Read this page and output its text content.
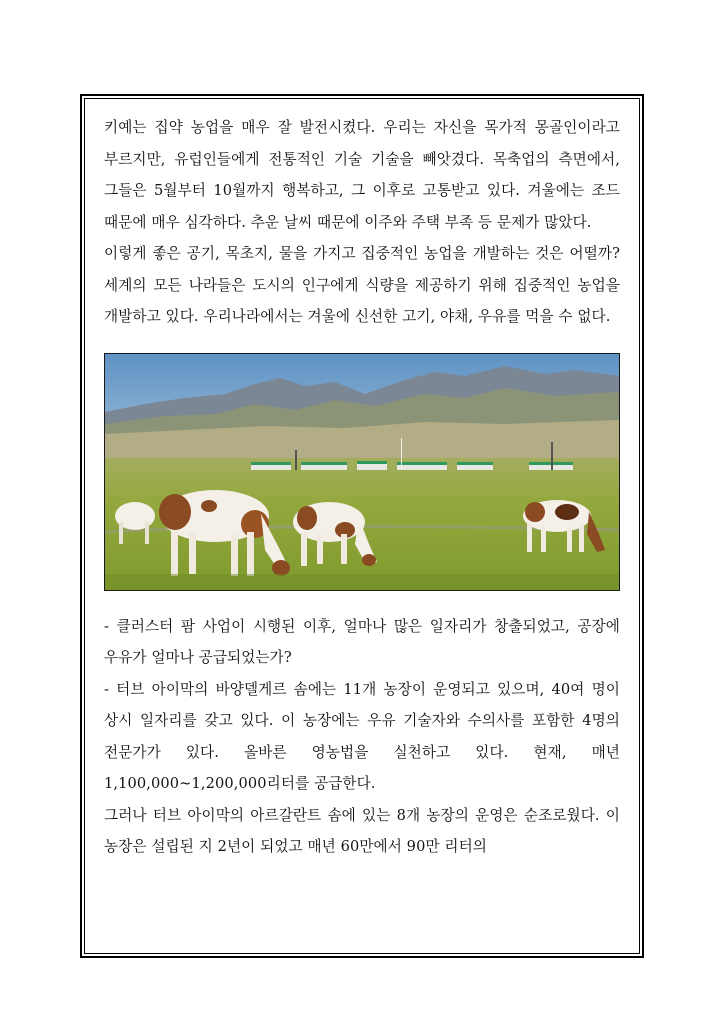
키예는 집약 농업을 매우 잘 발전시켰다. 우리는 자신을 목가적 몽골인이라고 부르지만, 유럽인들에게 전통적인 기술 기술을 빼앗겼다. 목축업의 측면에서, 그들은 5월부터 10월까지 행복하고, 그 이후로 고통받고 있다. 겨울에는 조드 때문에 매우 심각하다. 추운 날씨 때문에 이주와 주택 부족 등 문제가 많았다.

이렇게 좋은 공기, 목초지, 물을 가지고 집중적인 농업을 개발하는 것은 어떨까? 세계의 모든 나라들은 도시의 인구에게 식량을 제공하기 위해 집중적인 농업을 개발하고 있다. 우리나라에서는 겨울에 신선한 고기, 야채, 우유를 먹을 수 없다.

- 클러스터 팜 사업이 시행된 이후, 얼마나 많은 일자리가 창출되었고, 공장에 우유가 얼마나 공급되었는가?

- 터브 아이막의 바양델게르 솜에는 11개 농장이 운영되고 있으며, 40여 명이 상시 일자리를 갖고 있다. 이 농장에는 우유 기술자와 수의사를 포함한 4명의 전문가가 있다. 올바른 영농법을 실천하고 있다. 현재, 매년 1,100,000~1,200,000리터를 공급한다.

그러나 터브 아이막의 아르갈란트 솜에 있는 8개 농장의 운영은 순조로웠다. 이 농장은 설립된 지 2년이 되었고 매년 60만에서 90만 리터의
